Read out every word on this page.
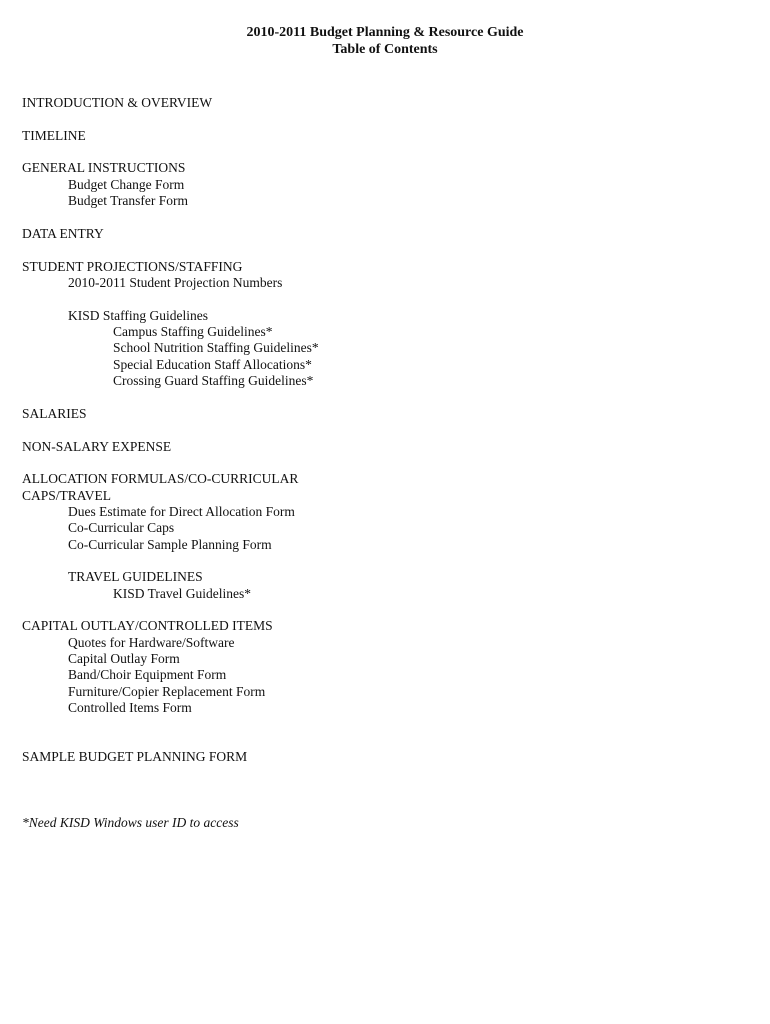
2010-2011 Budget Planning & Resource Guide
Table of Contents
INTRODUCTION & OVERVIEW
TIMELINE
GENERAL INSTRUCTIONS
Budget Change Form
Budget Transfer Form
DATA ENTRY
STUDENT PROJECTIONS/STAFFING
2010-2011 Student Projection Numbers
KISD Staffing Guidelines
Campus Staffing Guidelines*
School Nutrition Staffing Guidelines*
Special Education Staff Allocations*
Crossing Guard Staffing Guidelines*
SALARIES
NON-SALARY EXPENSE
ALLOCATION FORMULAS/CO-CURRICULAR
CAPS/TRAVEL
Dues Estimate for Direct Allocation Form
Co-Curricular Caps
Co-Curricular Sample Planning Form
TRAVEL GUIDELINES
KISD Travel Guidelines*
CAPITAL OUTLAY/CONTROLLED ITEMS
Quotes for Hardware/Software
Capital Outlay Form
Band/Choir Equipment Form
Furniture/Copier Replacement Form
Controlled Items Form
SAMPLE BUDGET PLANNING FORM
*Need KISD Windows user ID to access
